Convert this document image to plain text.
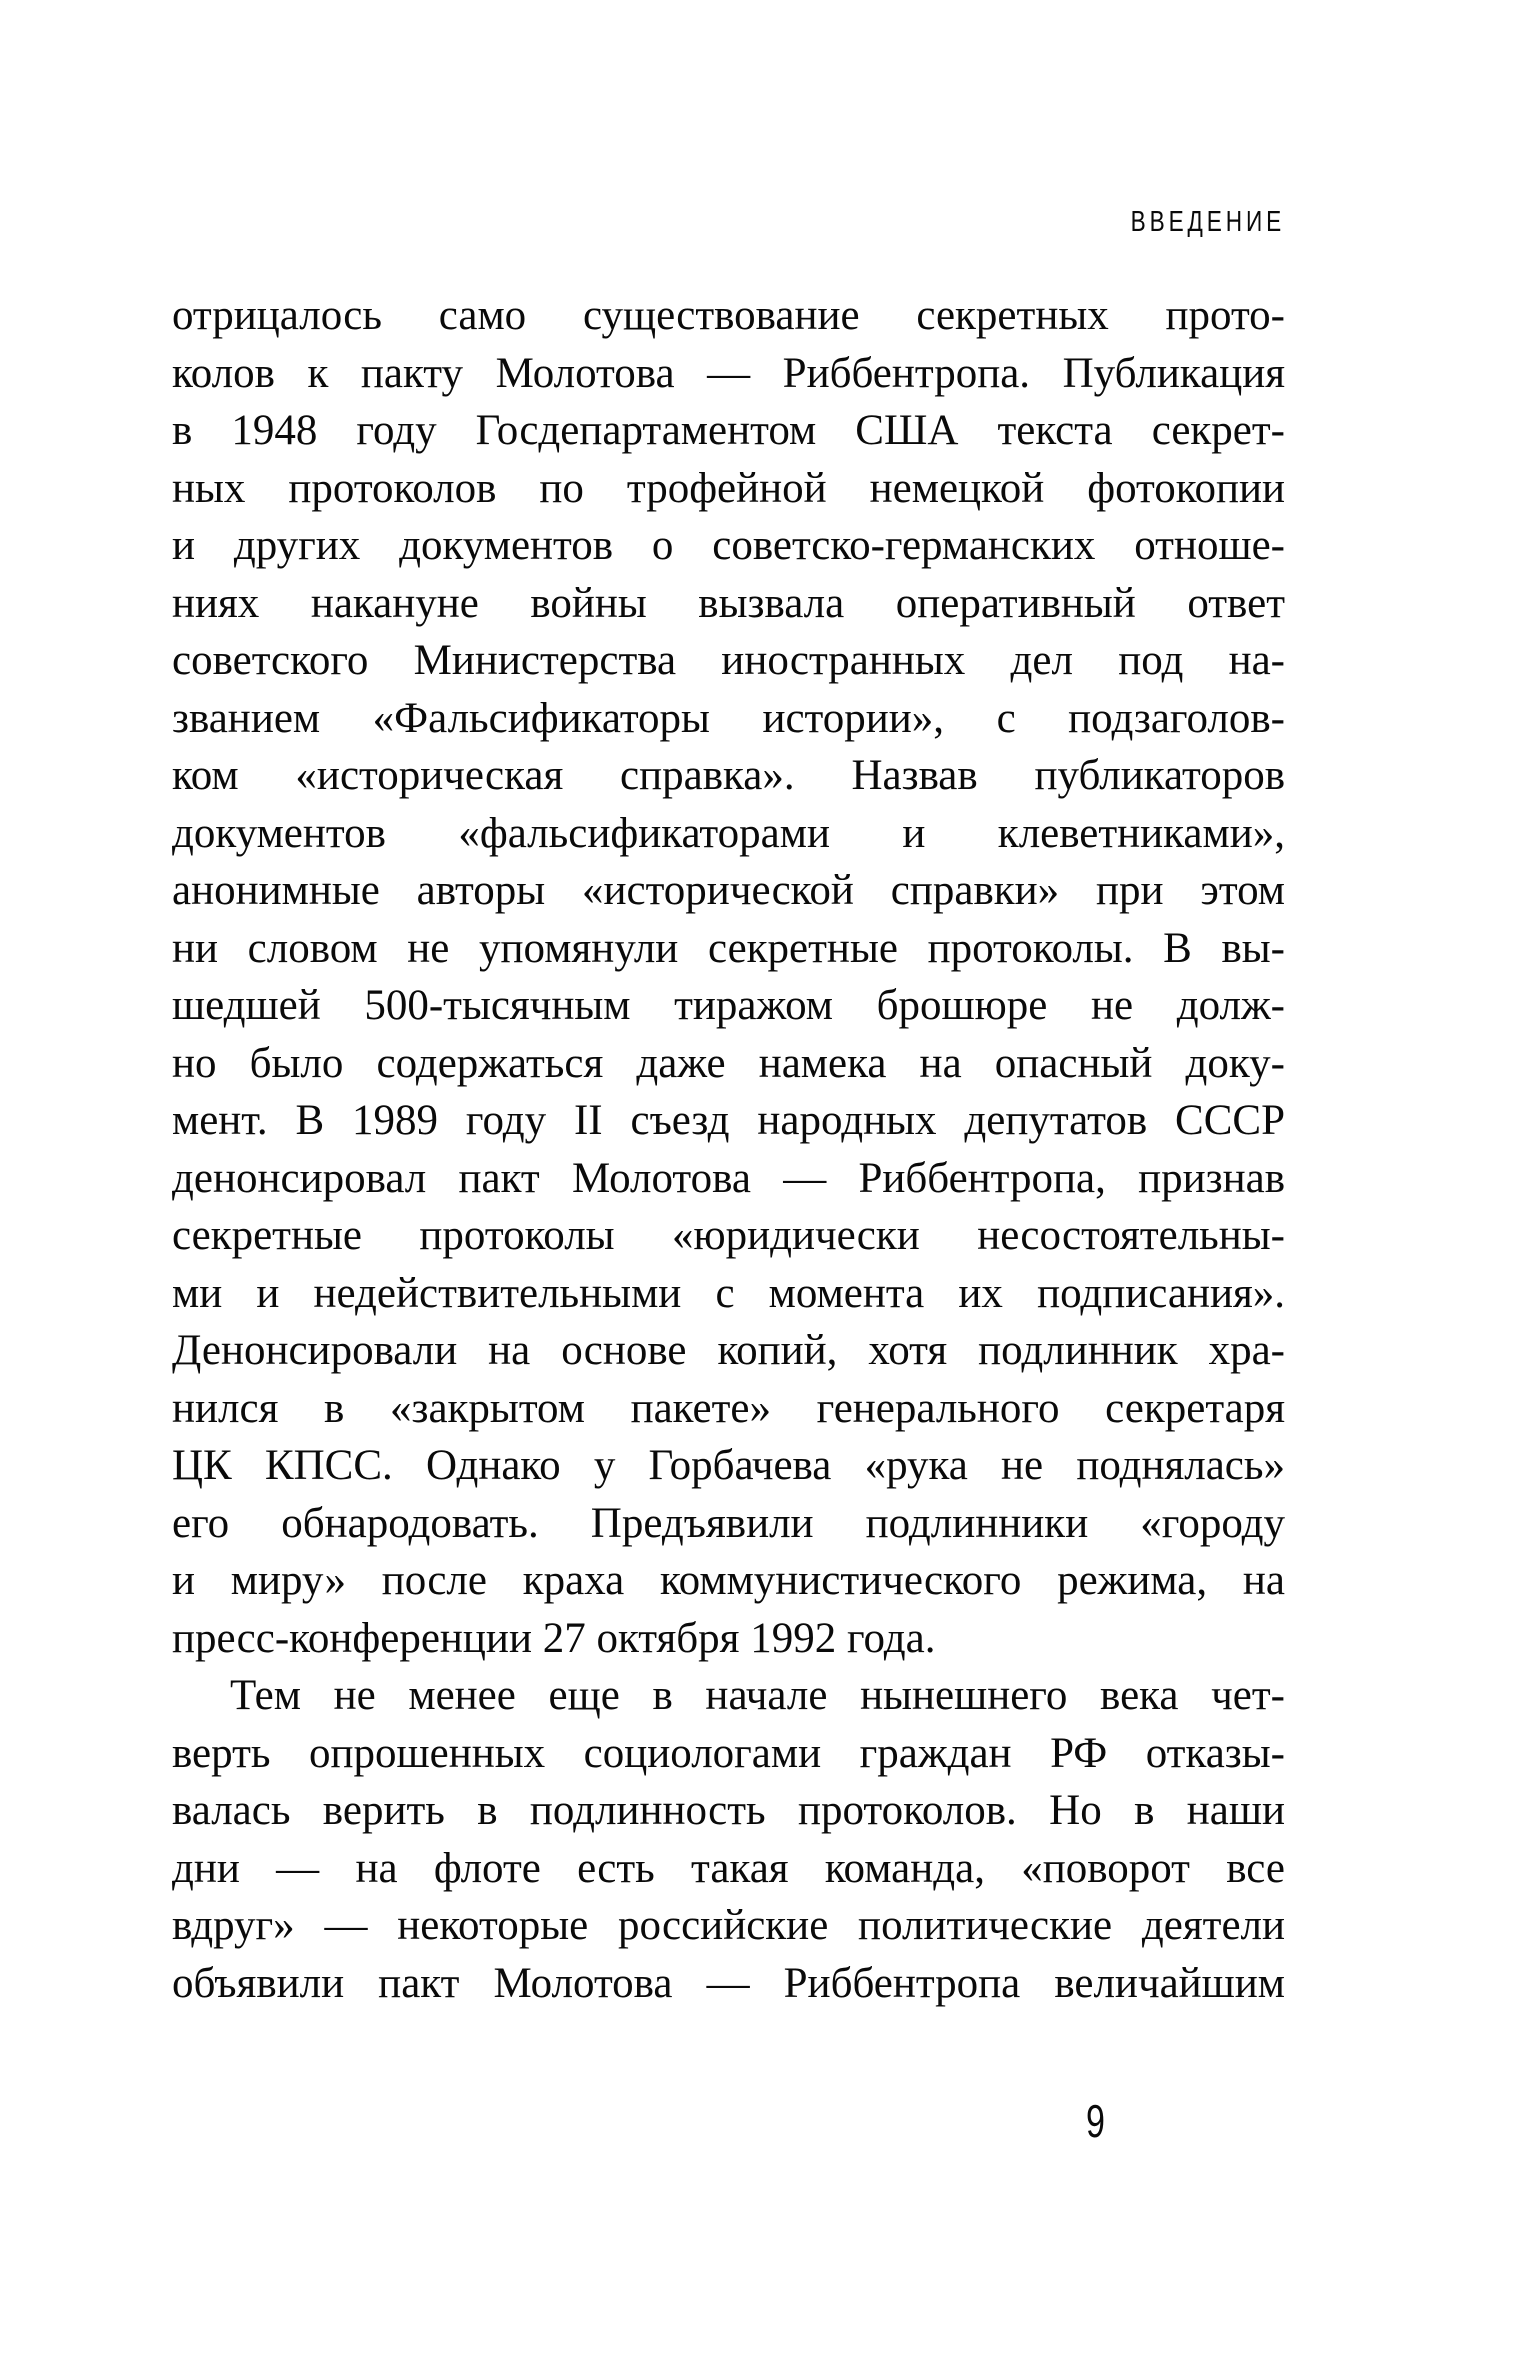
ВВЕДЕНИЕ
отрицалось само существование секретных прото-
колов к пакту Молотова — Риббентропа. Публикация
в 1948 году Госдепартаментом США текста секрет-
ных протоколов по трофейной немецкой фотокопии
и других документов о советско-германских отноше-
ниях накануне войны вызвала оперативный ответ
советского Министерства иностранных дел под на-
званием «Фальсификаторы истории», с подзаголов-
ком «историческая справка». Назвав публикаторов
документов «фальсификаторами и клеветниками»,
анонимные авторы «исторической справки» при этом
ни словом не упомянули секретные протоколы. В вы-
шедшей 500-тысячным тиражом брошюре не долж-
но было содержаться даже намека на опасный доку-
мент. В 1989 году II съезд народных депутатов СССР
денонсировал пакт Молотова — Риббентропа, признав
секретные протоколы «юридически несостоятельны-
ми и недействительными с момента их подписания».
Денонсировали на основе копий, хотя подлинник хра-
нился в «закрытом пакете» генерального секретаря
ЦК КПСС. Однако у Горбачева «рука не поднялась»
его обнародовать. Предъявили подлинники «городу
и миру» после краха коммунистического режима, на
пресс-конференции 27 октября 1992 года.
Тем не менее еще в начале нынешнего века чет-
верть опрошенных социологами граждан РФ отказы-
валась верить в подлинность протоколов. Но в наши
дни — на флоте есть такая команда, «поворот все
вдруг» — некоторые российские политические деятели
объявили пакт Молотова — Риббентропа величайшим
9
